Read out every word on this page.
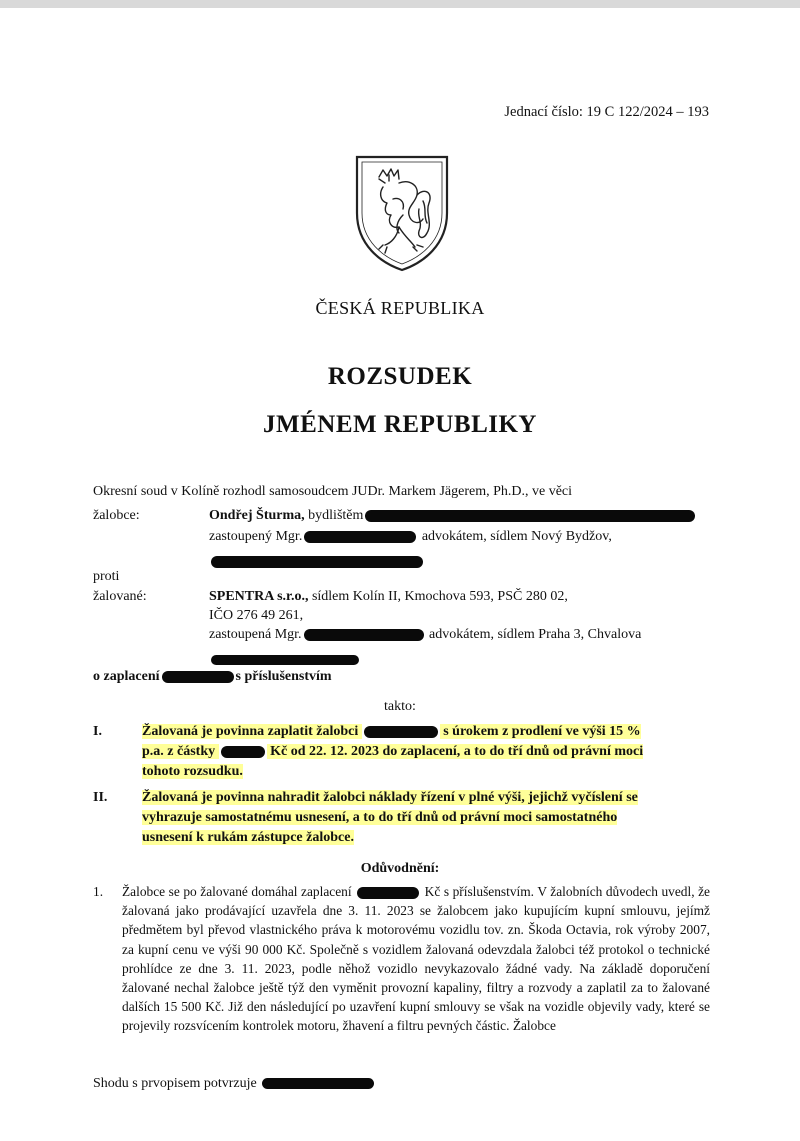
Jednací číslo: 19 C 122/2024 – 193
ČESKÁ REPUBLIKA
ROZSUDEK
JMÉNEM REPUBLIKY
Okresní soud v Kolíně rozhodl samosoudcem JUDr. Markem Jägerem, Ph.D., ve věci
žalobce:	Ondřej Šturma, bydlištěm
zastoupený Mgr.	advokátem, sídlem Nový Bydžov,
proti
žalované:	SPENTRA s.r.o., sídlem Kolín II, Kmochova 593, PSČ 280 02,
IČO 276 49 261,
zastoupená Mgr.	advokátem, sídlem Praha 3, Chvalova
o zaplacení	s příslušenstvím
takto:
I.	Žalovaná je povinna zaplatit žalobci	s úrokem z prodlení ve výši 15 %
p.a. z částky	Kč od 22. 12. 2023 do zaplacení, a to do tří dnů od právní moci
tohoto rozsudku.
II. Žalovaná je povinna nahradit žalobci náklady řízení v plné výši, jejichž vyčíslení se
vyhrazuje samostatnému usnesení, a to do tří dnů od právní moci samostatného
usnesení k rukám zástupce žalobce.
Odůvodnění:
1. Žalobce se po žalované domáhal zaplacení	Kč s příslušenstvím. V žalobních důvodech uvedl, že žalovaná jako prodávající uzavřela dne 3. 11. 2023 se žalobcem jako kupujícím kupní smlouvu, jejímž předmětem byl převod vlastnického práva k motorovému vozidlu tov. zn. Škoda Octavia, rok výroby 2007, za kupní cenu ve výši 90 000 Kč. Společně s vozidlem žalovaná odevzdala žalobci též protokol o technické prohlídce ze dne 3. 11. 2023, podle něhož vozidlo nevykazovalo žádné vady. Na základě doporučení žalované nechal žalobce ještě týž den vyměnit provozní kapaliny, filtry a rozvody a zaplatil za to žalované dalších 15 500 Kč. Již den následující po uzavření kupní smlouvy se však na vozidle objevily vady, které se projevily rozsvícením kontrolek motoru, žhavení a filtru pevných částic. Žalobce
Shodu s prvopisem potvrzuje
